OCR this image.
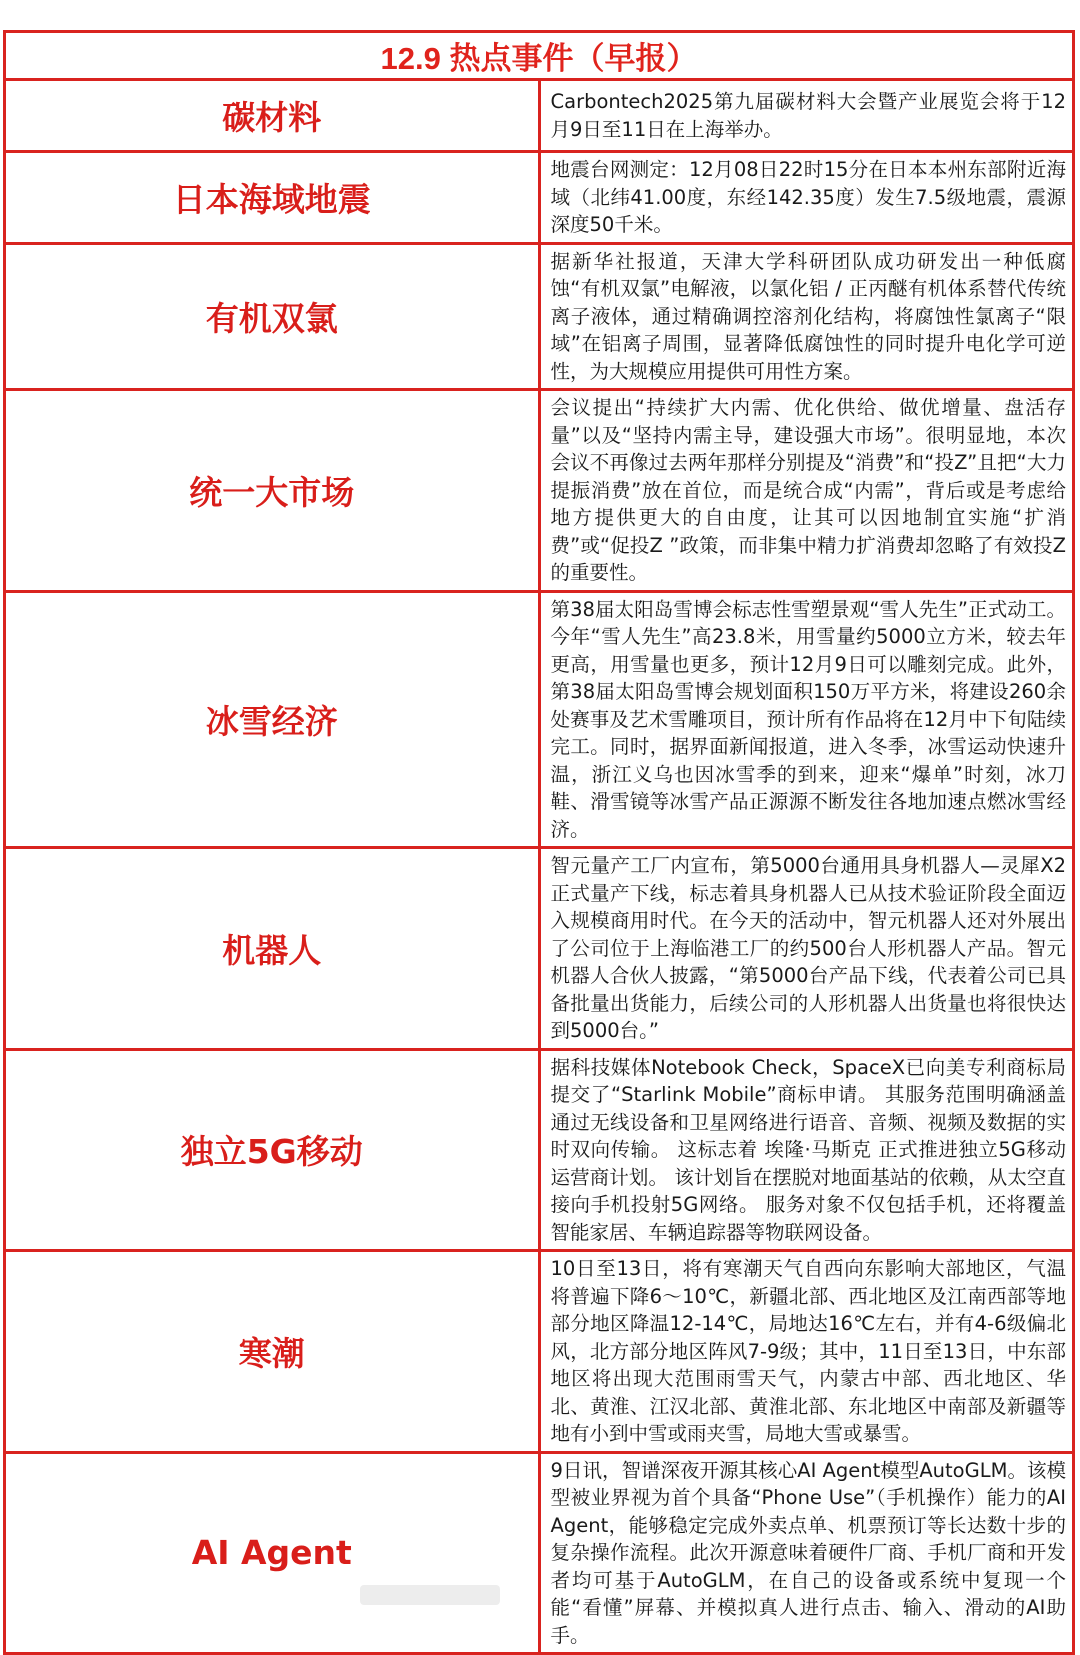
12.9 热点事件（早报）	
碳材料	Carbontech2025第九届碳材料大会暨产业展览会将于12月9日至11日在上海举办。
日本海域地震	地震台网测定：12月08日22时15分在日本本州东部附近海域（北纬41.00度，东经142.35度）发生7.5级地震，震源深度50千米。
有机双氯	据新华社报道，天津大学科研团队成功研发出一种低腐蚀“有机双氯”电解液，以氯化铝 / 正丙醚有机体系替代传统离子液体，通过精确调控溶剂化结构，将腐蚀性氯离子“限域”在铝离子周围，显著降低腐蚀性的同时提升电化学可逆性，为大规模应用提供可用性方案。
统一大市场	会议提出“持续扩大内需、优化供给、做优增量、盘活存量”以及“坚持内需主导，建设强大市场”。很明显地，本次会议不再像过去两年那样分别提及“消费”和“投Z”且把“大力提振消费”放在首位，而是统合成“内需”，背后或是考虑给地方提供更大的自由度，让其可以因地制宜实施“扩消费”或“促投Z ”政策，而非集中精力扩消费却忽略了有效投Z的重要性。
冰雪经济	第38届太阳岛雪博会标志性雪塑景观“雪人先生”正式动工。今年“雪人先生”高23.8米，用雪量约5000立方米，较去年更高，用雪量也更多，预计12月9日可以雕刻完成。此外，第38届太阳岛雪博会规划面积150万平方米，将建设260余处赛事及艺术雪雕项目，预计所有作品将在12月中下旬陆续完工。同时，据界面新闻报道，进入冬季，冰雪运动快速升温，浙江义乌也因冰雪季的到来，迎来“爆单”时刻，冰刀鞋、滑雪镜等冰雪产品正源源不断发往各地加速点燃冰雪经济。
机器人	智元量产工厂内宣布，第5000台通用具身机器人—灵犀X2正式量产下线，标志着具身机器人已从技术验证阶段全面迈入规模商用时代。在今天的活动中，智元机器人还对外展出了公司位于上海临港工厂的约500台人形机器人产品。智元机器人合伙人披露，“第5000台产品下线，代表着公司已具备批量出货能力，后续公司的人形机器人出货量也将很快达到5000台。”
独立5G移动	据科技媒体Notebook Check，SpaceX已向美专利商标局提交了“Starlink Mobile”商标申请。 其服务范围明确涵盖通过无线设备和卫星网络进行语音、音频、视频及数据的实时双向传输。 这标志着 埃隆·马斯克 正式推进独立5G移动运营商计划。 该计划旨在摆脱对地面基站的依赖，从太空直接向手机投射5G网络。 服务对象不仅包括手机，还将覆盖智能家居、车辆追踪器等物联网设备。
寒潮	10日至13日，将有寒潮天气自西向东影响大部地区，气温将普遍下降6～10℃，新疆北部、西北地区及江南西部等地部分地区降温12-14℃，局地达16℃左右，并有4-6级偏北风，北方部分地区阵风7-9级；其中，11日至13日，中东部地区将出现大范围雨雪天气，内蒙古中部、西北地区、华北、黄淮、江汉北部、黄淮北部、东北地区中南部及新疆等地有小到中雪或雨夹雪，局地大雪或暴雪。
AI Agent	9日讯，智谱深夜开源其核心AI Agent模型AutoGLM。该模型被业界视为首个具备“Phone Use”（手机操作）能力的AI Agent，能够稳定完成外卖点单、机票预订等长达数十步的复杂操作流程。此次开源意味着硬件厂商、手机厂商和开发者均可基于AutoGLM，在自己的设备或系统中复现一个能“看懂”屏幕、并模拟真人进行点击、输入、滑动的AI助手。
